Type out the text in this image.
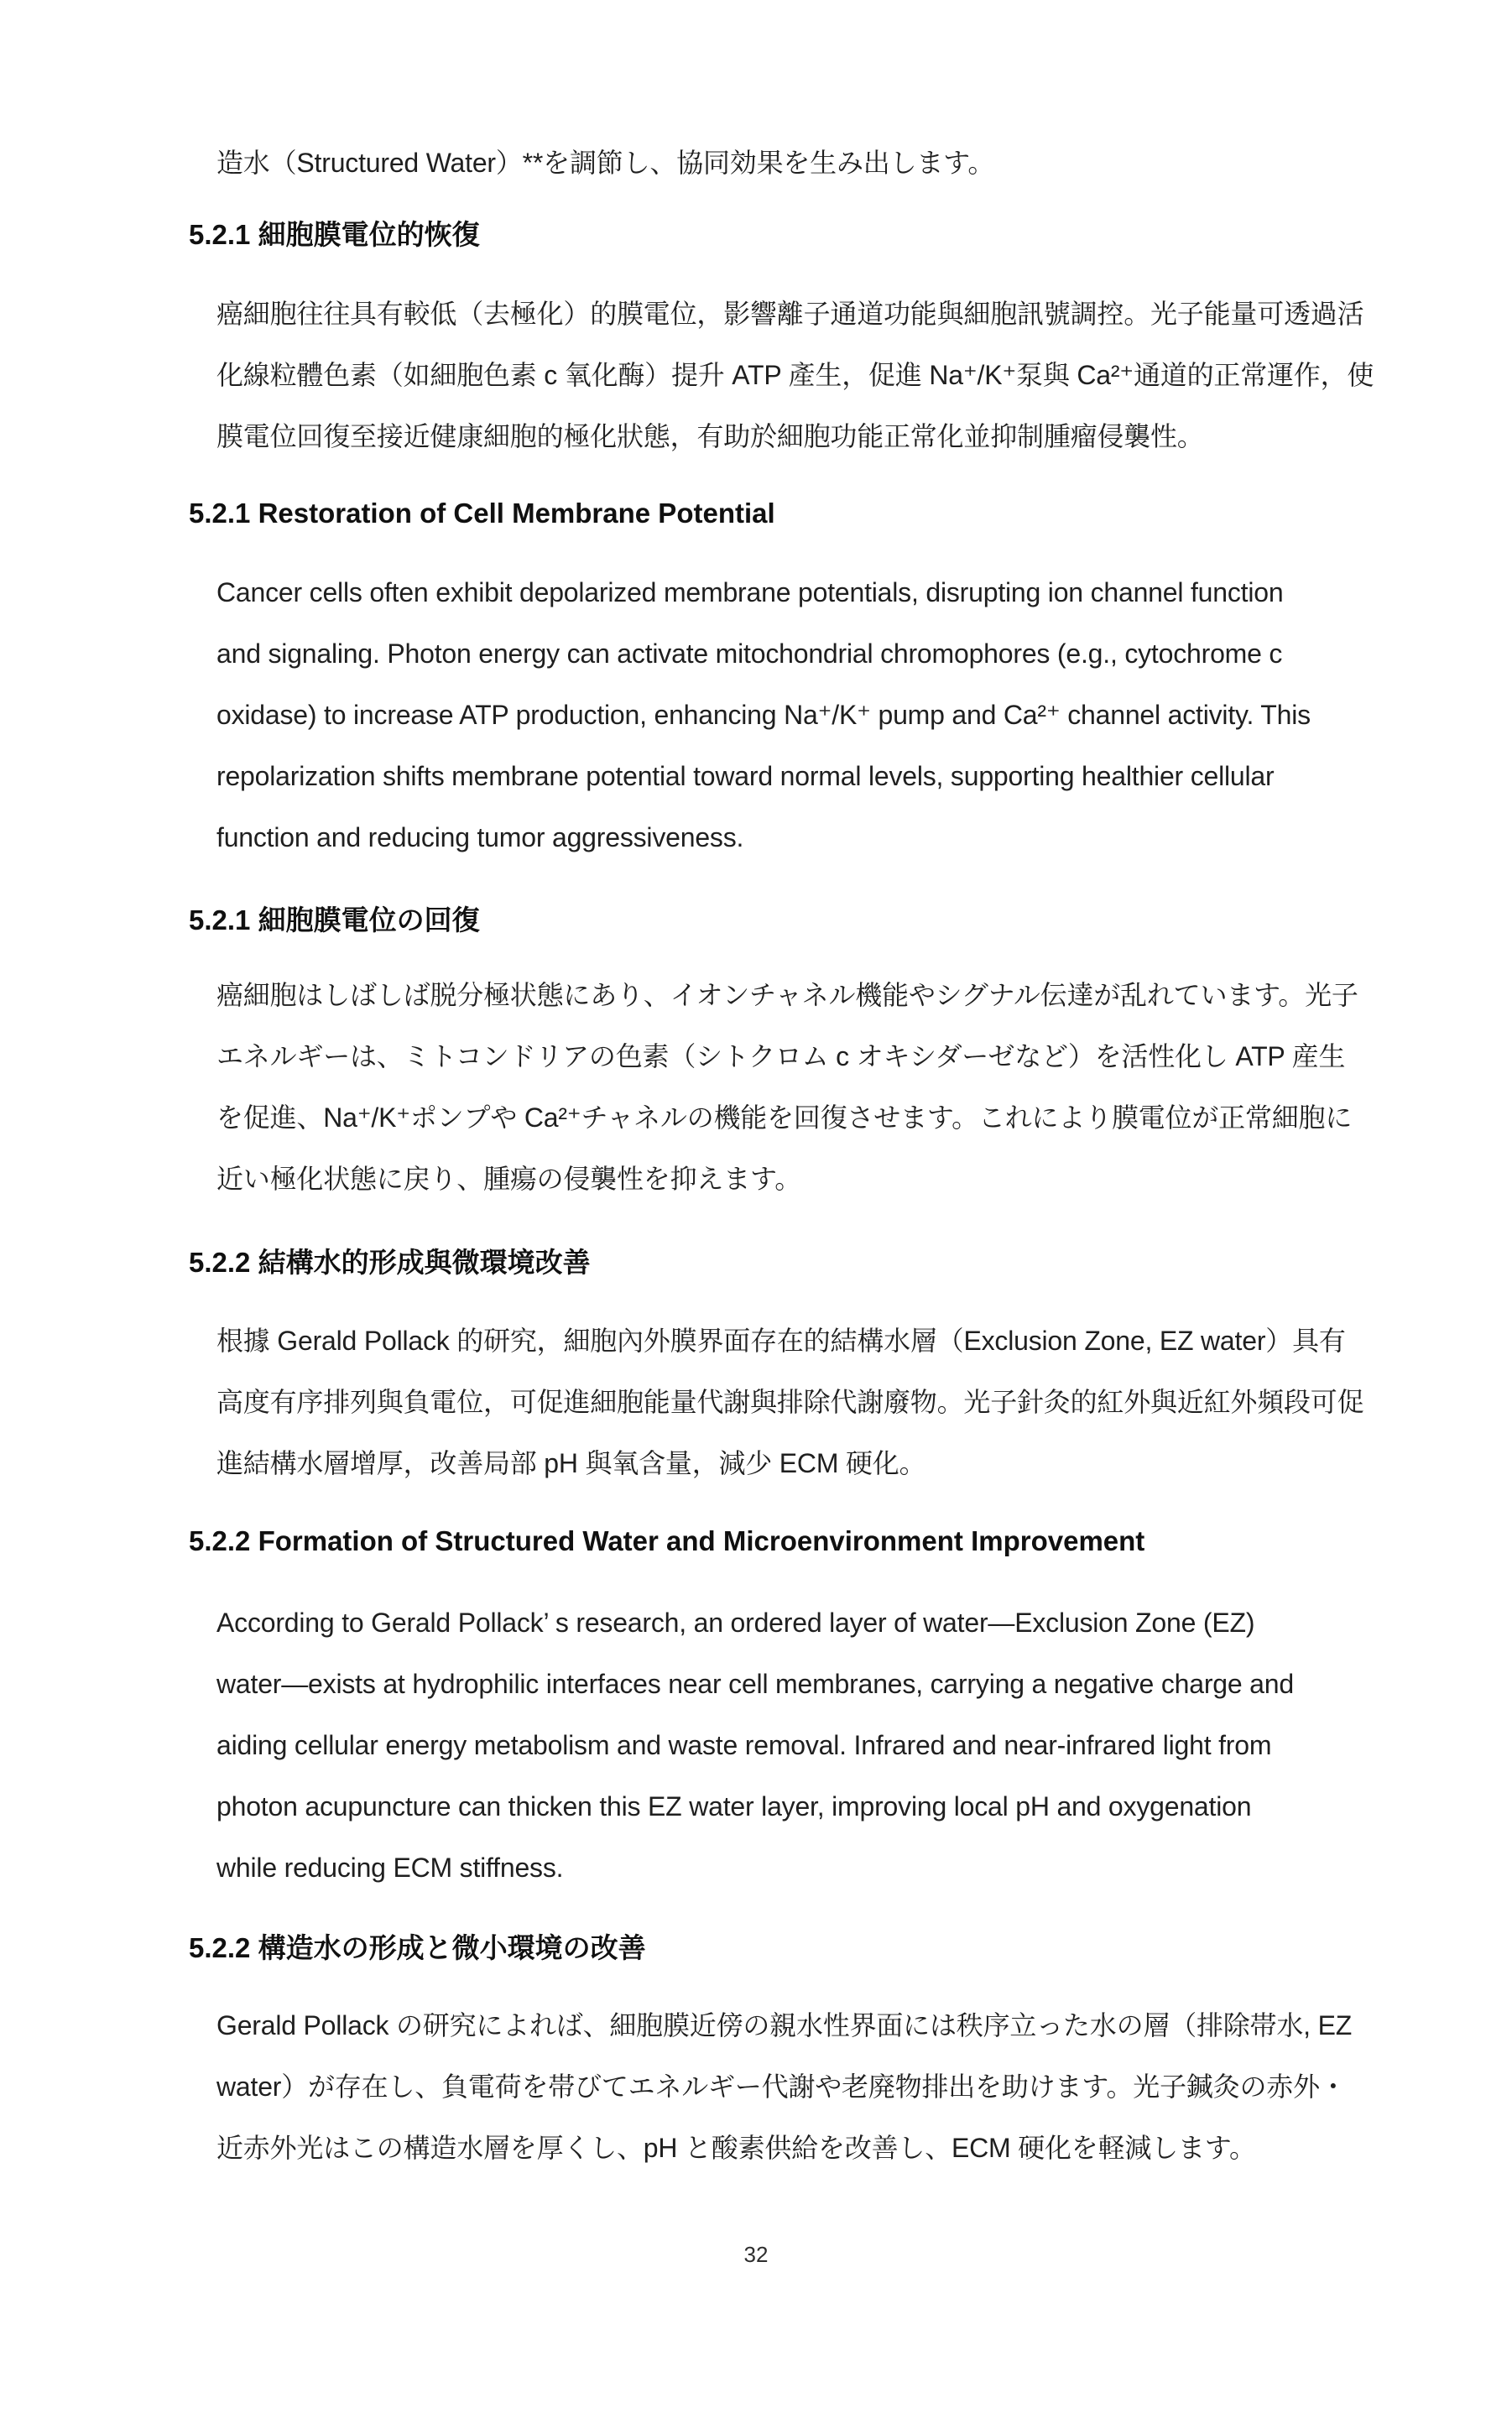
造水（Structured Water）**を調節し、協同効果を生み出します。
5.2.1 細胞膜電位的恢復
癌細胞往往具有較低（去極化）的膜電位，影響離子通道功能與細胞訊號調控。光子能量可透過活
化線粒體色素（如細胞色素 c 氧化酶）提升 ATP 產生，促進 Na⁺/K⁺泵與 Ca²⁺通道的正常運作，使
膜電位回復至接近健康細胞的極化狀態，有助於細胞功能正常化並抑制腫瘤侵襲性。
5.2.1 Restoration of Cell Membrane Potential
Cancer cells often exhibit depolarized membrane potentials, disrupting ion channel function
and signaling. Photon energy can activate mitochondrial chromophores (e.g., cytochrome c
oxidase) to increase ATP production, enhancing Na⁺/K⁺ pump and Ca²⁺ channel activity. This
repolarization shifts membrane potential toward normal levels, supporting healthier cellular
function and reducing tumor aggressiveness.
5.2.1 細胞膜電位の回復
癌細胞はしばしば脱分極状態にあり、イオンチャネル機能やシグナル伝達が乱れています。光子
エネルギーは、ミトコンドリアの色素（シトクロム c オキシダーゼなど）を活性化し ATP 産生
を促進、Na⁺/K⁺ポンプや Ca²⁺チャネルの機能を回復させます。これにより膜電位が正常細胞に
近い極化状態に戻り、腫瘍の侵襲性を抑えます。
5.2.2 結構水的形成與微環境改善
根據 Gerald Pollack 的研究，細胞內外膜界面存在的結構水層（Exclusion Zone, EZ water）具有
高度有序排列與負電位，可促進細胞能量代謝與排除代謝廢物。光子針灸的紅外與近紅外頻段可促
進結構水層增厚，改善局部 pH 與氧含量，減少 ECM 硬化。
5.2.2 Formation of Structured Water and Microenvironment Improvement
According to Gerald Pollack’ s research, an ordered layer of water—Exclusion Zone (EZ)
water—exists at hydrophilic interfaces near cell membranes, carrying a negative charge and
aiding cellular energy metabolism and waste removal. Infrared and near-infrared light from
photon acupuncture can thicken this EZ water layer, improving local pH and oxygenation
while reducing ECM stiffness.
5.2.2 構造水の形成と微小環境の改善
Gerald Pollack の研究によれば、細胞膜近傍の親水性界面には秩序立った水の層（排除帯水, EZ
water）が存在し、負電荷を帯びてエネルギー代謝や老廃物排出を助けます。光子鍼灸の赤外・
近赤外光はこの構造水層を厚くし、pH と酸素供給を改善し、ECM 硬化を軽減します。
32
